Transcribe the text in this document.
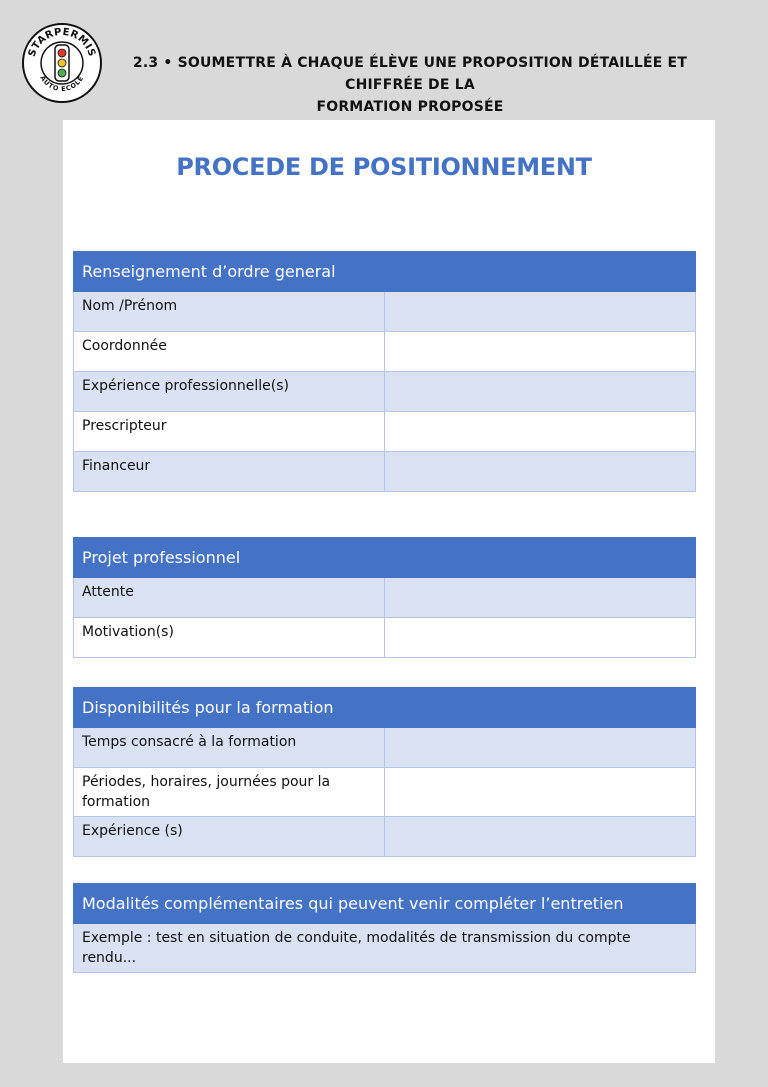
STARPERMIS
AUTO ECOLE
2.3 • SOUMETTRE À CHAQUE ÉLÈVE UNE PROPOSITION DÉTAILLÉE ET CHIFFRÉE DE LA
FORMATION PROPOSÉE
PROCEDE DE POSITIONNEMENT
Renseignement d’ordre general	
Nom /Prénom	
Coordonnée	
Expérience professionnelle(s)	
Prescripteur	
Financeur	
Projet professionnel	
Attente	
Motivation(s)	
Disponibilités pour la formation	
Temps consacré à la formation	
Périodes, horaires, journées pour la formation	
Expérience (s)	
Modalités complémentaires qui peuvent venir compléter l’entretien
Exemple : test en situation de conduite, modalités de transmission du compte rendu...
